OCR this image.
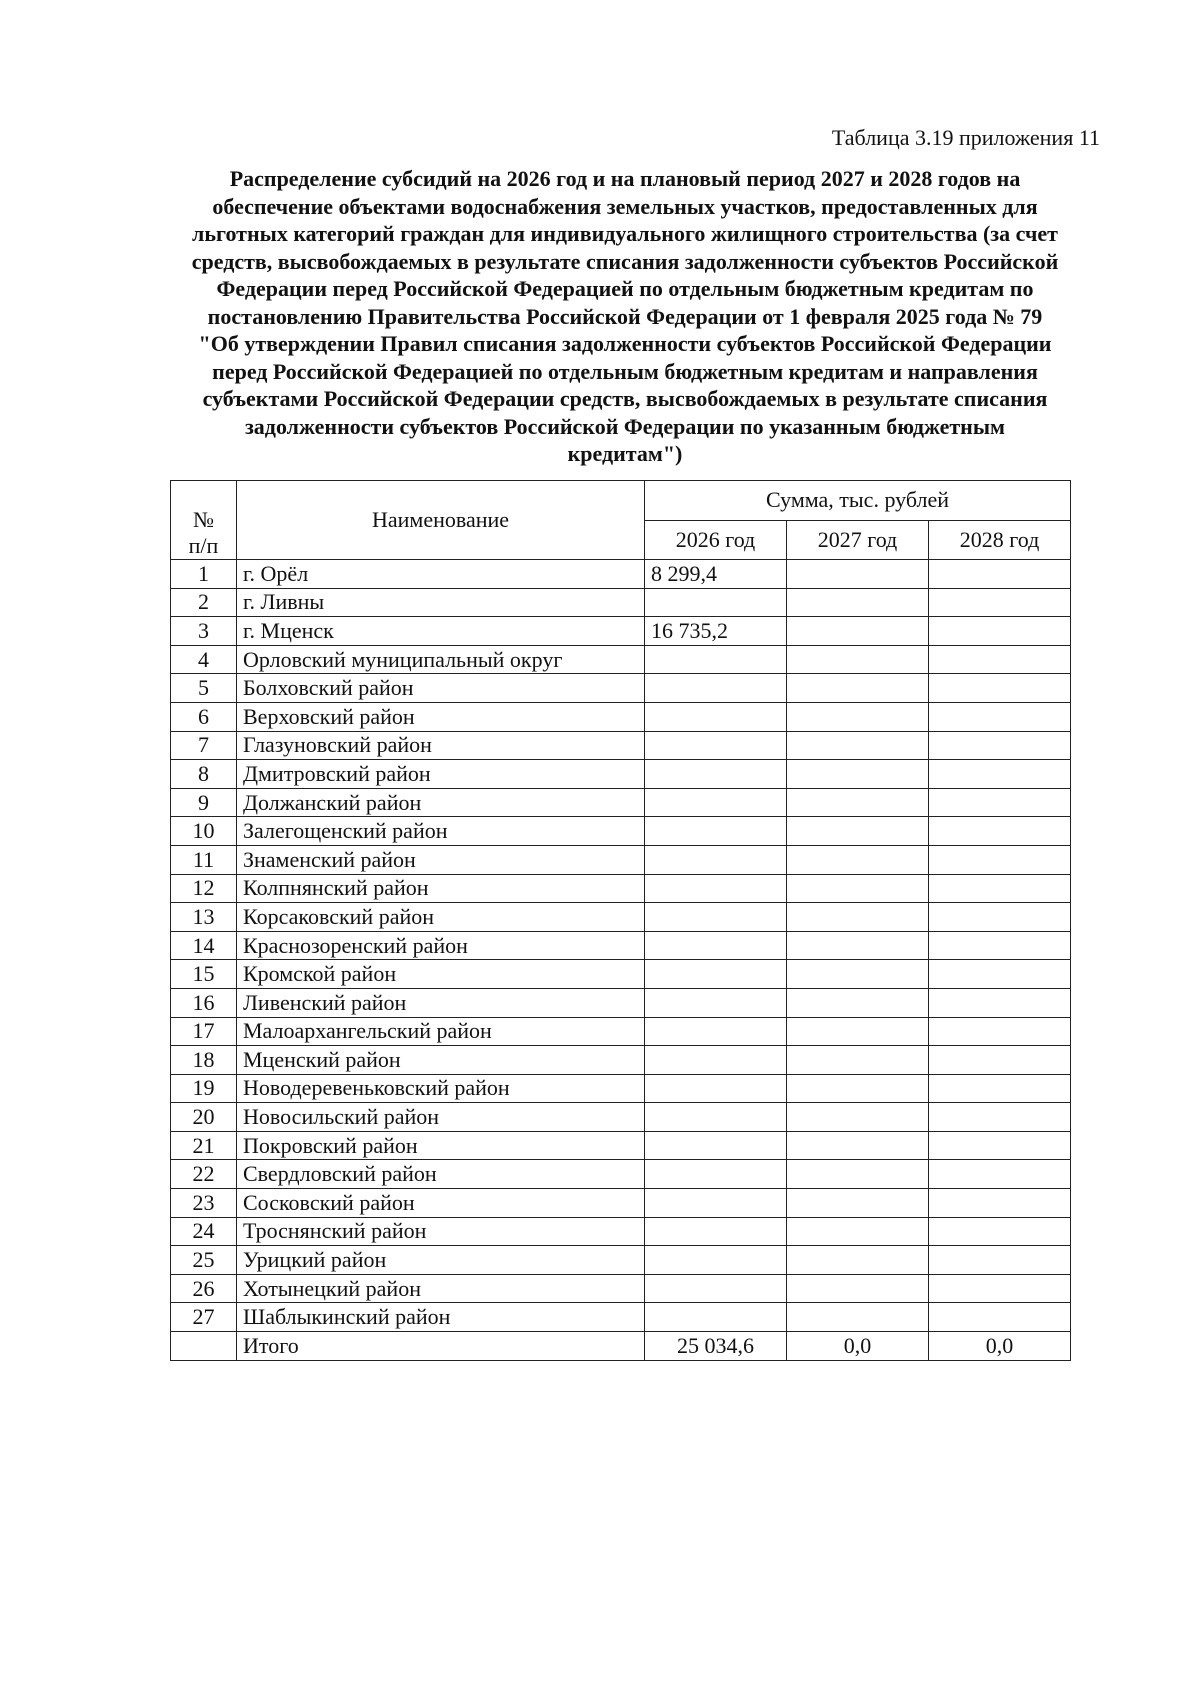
Таблица 3.19 приложения 11
Распределение субсидий на 2026 год и на плановый период 2027 и 2028 годов на
обеспечение объектами водоснабжения земельных участков, предоставленных для
льготных категорий граждан для индивидуального жилищного строительства (за счет
средств, высвобождаемых в результате списания задолженности субъектов Российской
Федерации перед Российской Федерацией по отдельным бюджетным кредитам по
постановлению Правительства Российской Федерации от 1 февраля 2025 года № 79
"Об утверждении Правил списания задолженности субъектов Российской Федерации
перед Российской Федерацией по отдельным бюджетным кредитам и направления
субъектами Российской Федерации средств, высвобождаемых в результате списания
задолженности субъектов Российской Федерации по указанным бюджетным
кредитам")

№
п/п	Наименование	Сумма, тыс. рублей		
		2026 год	2027 год	2028 год
1	г. Орёл	8 299,4		
2	г. Ливны			
3	г. Мценск	16 735,2		
4	Орловский муниципальный округ			
5	Болховский район			
6	Верховский район			
7	Глазуновский район			
8	Дмитровский район			
9	Должанский район			
10	Залегощенский район			
11	Знаменский район			
12	Колпнянский район			
13	Корсаковский район			
14	Краснозоренский район			
15	Кромской район			
16	Ливенский район			
17	Малоархангельский район			
18	Мценский район			
19	Новодеревеньковский район			
20	Новосильский район			
21	Покровский район			
22	Свердловский район			
23	Сосковский район			
24	Троснянский район			
25	Урицкий район			
26	Хотынецкий район			
27	Шаблыкинский район			
	Итого	25 034,6	0,0	0,0
